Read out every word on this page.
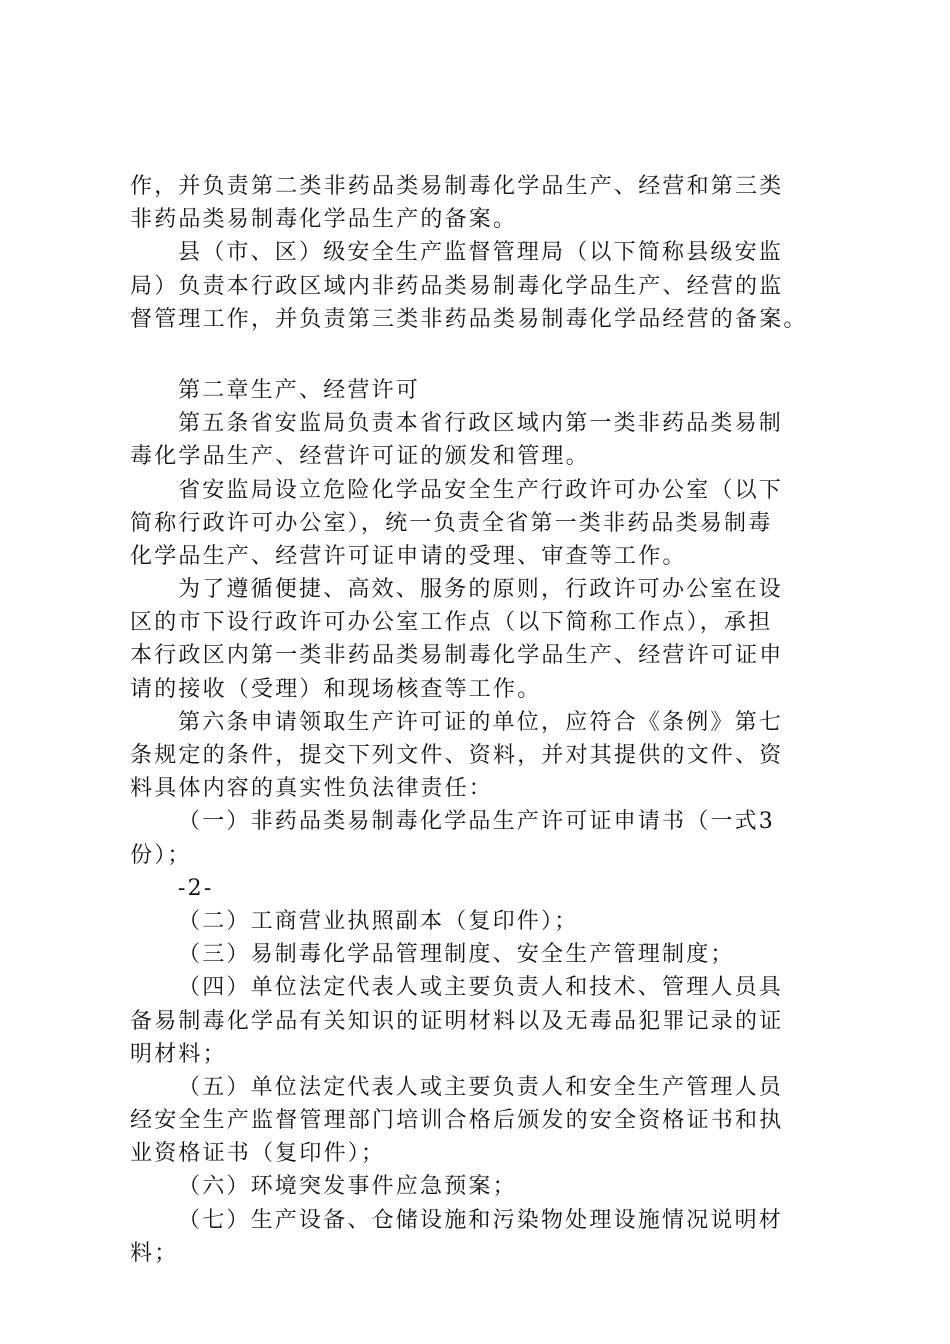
作，并负责第二类非药品类易制毒化学品生产、经营和第三类
非药品类易制毒化学品生产的备案。
县（市、区）级安全生产监督管理局（以下简称县级安监
局）负责本行政区域内非药品类易制毒化学品生产、经营的监
督管理工作，并负责第三类非药品类易制毒化学品经营的备案。
第二章生产、经营许可
第五条省安监局负责本省行政区域内第一类非药品类易制
毒化学品生产、经营许可证的颁发和管理。
省安监局设立危险化学品安全生产行政许可办公室（以下
简称行政许可办公室），统一负责全省第一类非药品类易制毒
化学品生产、经营许可证申请的受理、审查等工作。
为了遵循便捷、高效、服务的原则，行政许可办公室在设
区的市下设行政许可办公室工作点（以下简称工作点），承担
本行政区内第一类非药品类易制毒化学品生产、经营许可证申
请的接收（受理）和现场核查等工作。
第六条申请领取生产许可证的单位，应符合《条例》第七
条规定的条件，提交下列文件、资料，并对其提供的文件、资
料具体内容的真实性负法律责任：
（一）非药品类易制毒化学品生产许可证申请书（一式3
份）；
-2-
（二）工商营业执照副本（复印件）；
（三）易制毒化学品管理制度、安全生产管理制度；
（四）单位法定代表人或主要负责人和技术、管理人员具
备易制毒化学品有关知识的证明材料以及无毒品犯罪记录的证
明材料；
（五）单位法定代表人或主要负责人和安全生产管理人员
经安全生产监督管理部门培训合格后颁发的安全资格证书和执
业资格证书（复印件）；
（六）环境突发事件应急预案；
（七）生产设备、仓储设施和污染物处理设施情况说明材
料；
